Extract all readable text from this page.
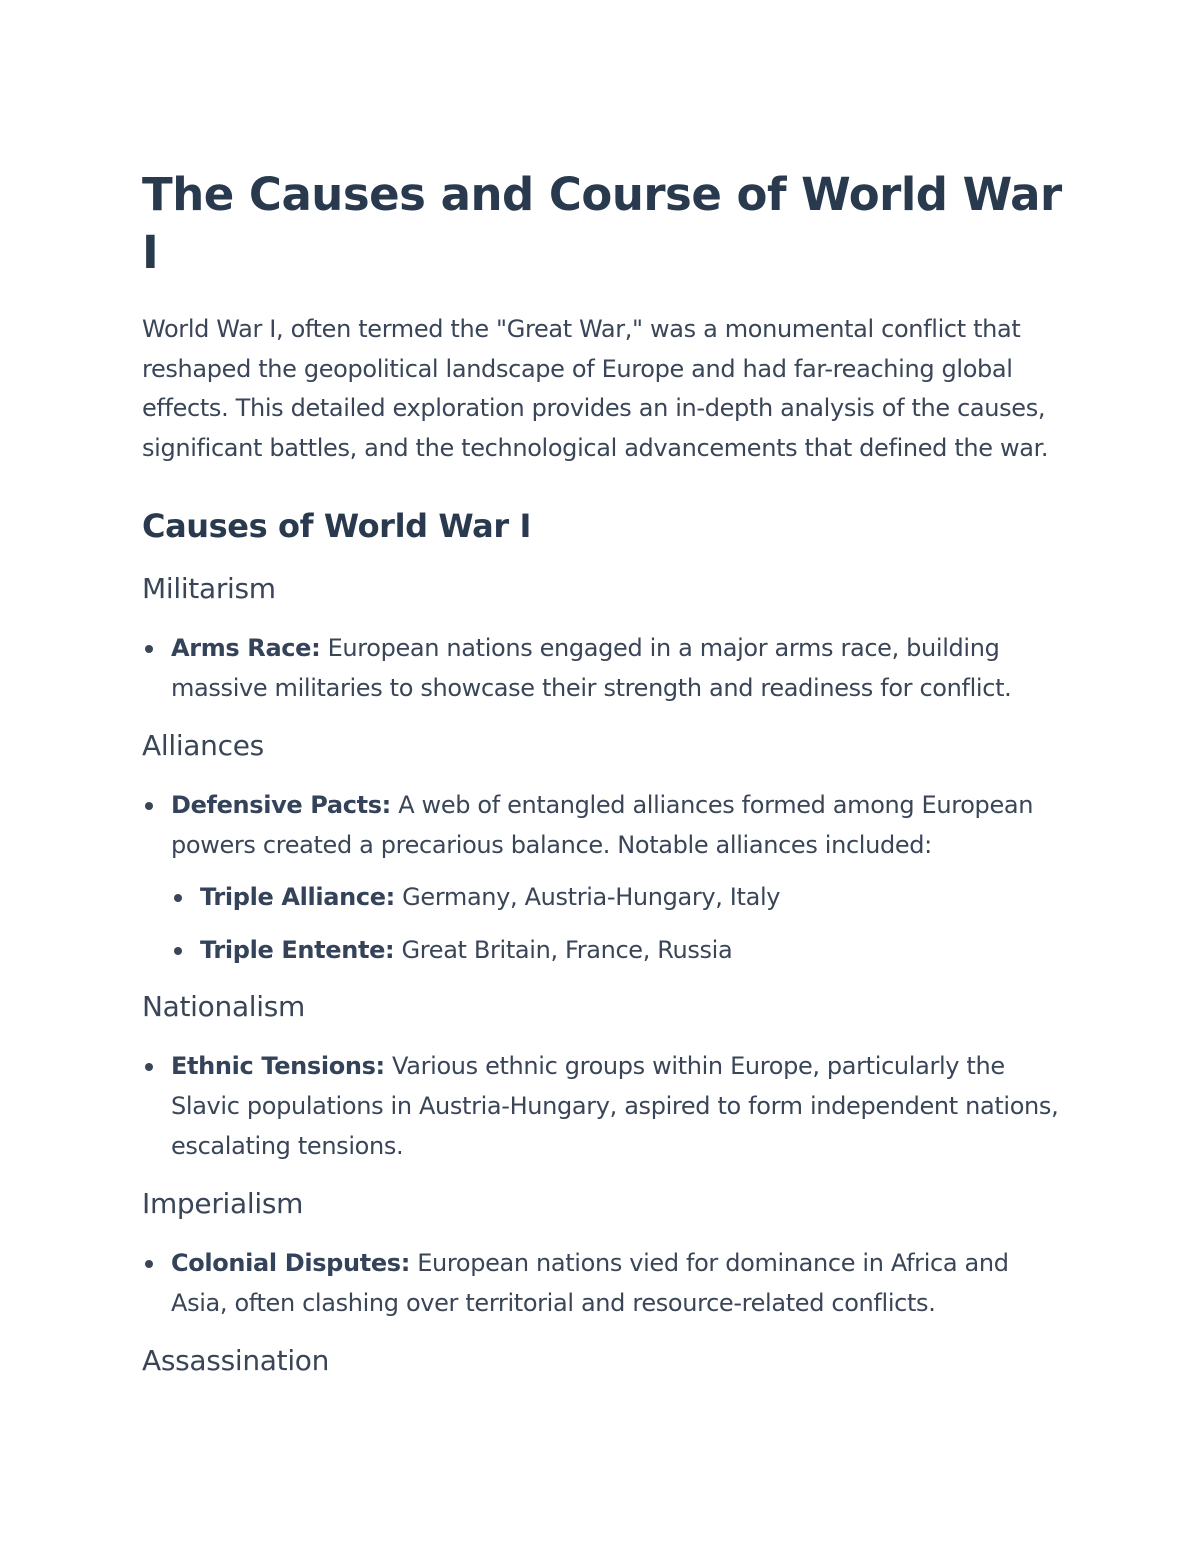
The Causes and Course of World War I

World War I, often termed the "Great War," was a monumental conflict that reshaped the geopolitical landscape of Europe and had far-reaching global effects. This detailed exploration provides an in-depth analysis of the causes, significant battles, and the technological advancements that defined the war.

Causes of World War I
Militarism
Arms Race: European nations engaged in a major arms race, building massive militaries to showcase their strength and readiness for conflict.
Alliances
Defensive Pacts: A web of entangled alliances formed among European powers created a precarious balance. Notable alliances included:
Triple Alliance: Germany, Austria-Hungary, Italy
Triple Entente: Great Britain, France, Russia
Nationalism
Ethnic Tensions: Various ethnic groups within Europe, particularly the Slavic populations in Austria-Hungary, aspired to form independent nations, escalating tensions.
Imperialism
Colonial Disputes: European nations vied for dominance in Africa and Asia, often clashing over territorial and resource-related conflicts.
Assassination
